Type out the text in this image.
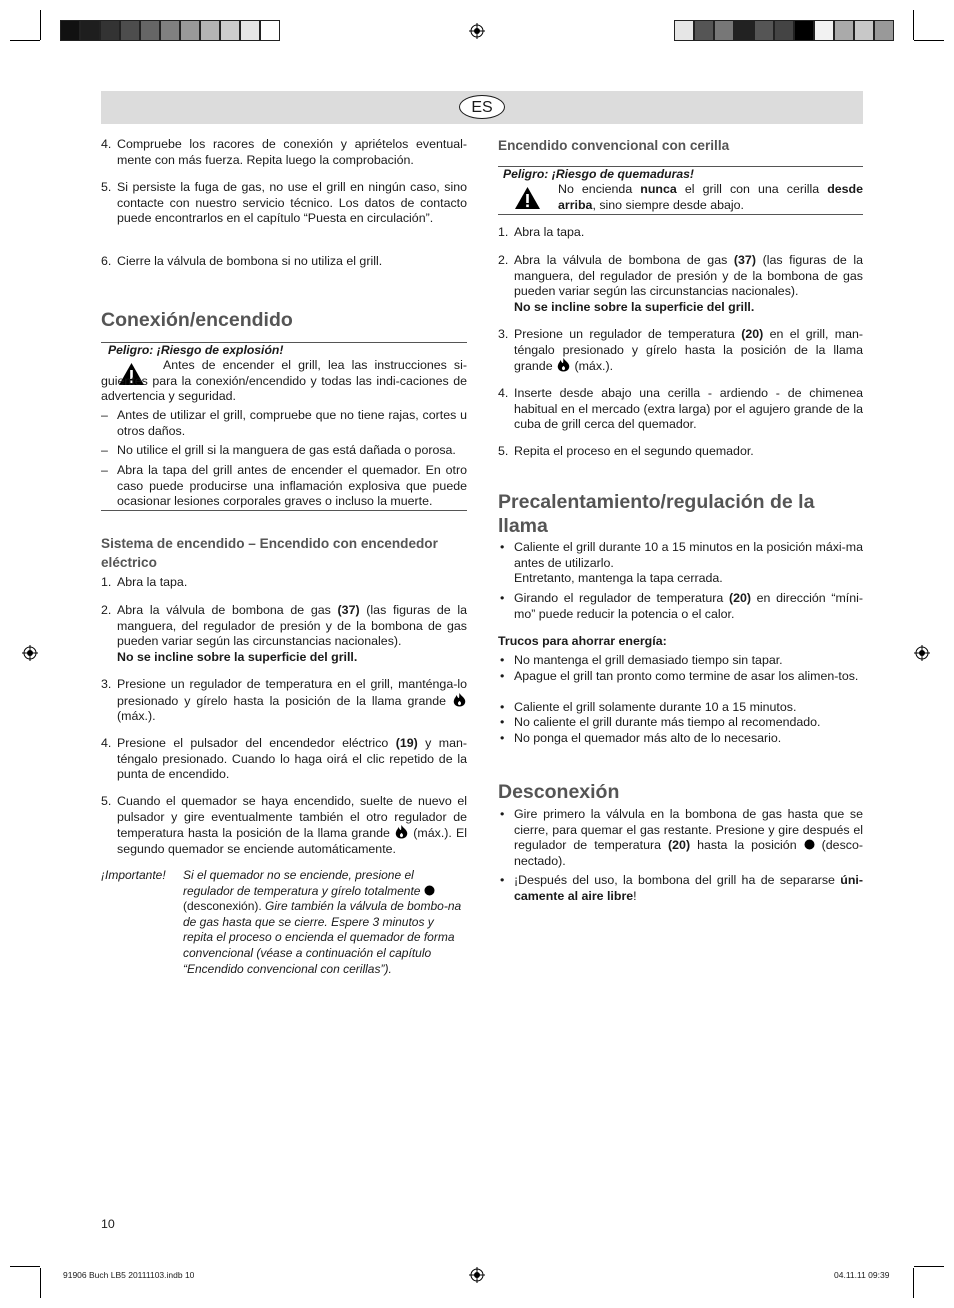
ES
4. Compruebe los racores de conexión y apriételos eventual-mente con más fuerza. Repita luego la comprobación.
5. Si persiste la fuga de gas, no use el grill en ningún caso, sino contacte con nuestro servicio técnico. Los datos de contacto puede encontrarlos en el capítulo “Puesta en circulación”.
6. Cierre la válvula de bombona si no utiliza el grill.
Conexión/encendido
Peligro: ¡Riesgo de explosión!
Antes de encender el grill, lea las instrucciones si-guientes para la conexión/encendido y todas las indi-caciones de advertencia y seguridad.
– Antes de utilizar el grill, compruebe que no tiene rajas, cortes u otros daños.
– No utilice el grill si la manguera de gas está dañada o porosa.
– Abra la tapa del grill antes de encender el quemador. En otro caso puede producirse una inflamación explosiva que puede ocasionar lesiones corporales graves o incluso la muerte.
Sistema de encendido – Encendido con encendedor eléctrico
1. Abra la tapa.
2. Abra la válvula de bombona de gas (37) (las figuras de la manguera, del regulador de presión y de la bombona de gas pueden variar según las circunstancias nacionales).
No se incline sobre la superficie del grill.
3. Presione un regulador de temperatura en el grill, manténga-lo presionado y gírelo hasta la posición de la llama grande  (máx.).
4. Presione el pulsador del encendedor eléctrico (19) y man-téngalo presionado. Cuando lo haga oirá el clic repetido de la punta de encendido.
5. Cuando el quemador se haya encendido, suelte de nuevo el pulsador y gire eventualmente también el otro regulador de temperatura hasta la posición de la llama grande  (máx.). El segundo quemador se enciende automáticamente.
¡Importante! Si el quemador no se enciende, presione el regulador de temperatura y gírelo totalmente  (desconexión). Gire también la válvula de bombo-na de gas hasta que se cierre. Espere 3 minutos y repita el proceso o encienda el quemador de forma convencional (véase a continuación el capítulo “Encendido convencional con cerillas”).
Encendido convencional con cerilla
Peligro: ¡Riesgo de quemaduras!
No encienda nunca el grill con una cerilla desde arriba, sino siempre desde abajo.
1. Abra la tapa.
2. Abra la válvula de bombona de gas (37) (las figuras de la manguera, del regulador de presión y de la bombona de gas pueden variar según las circunstancias nacionales).
No se incline sobre la superficie del grill.
3. Presione un regulador de temperatura (20) en el grill, man-téngalo presionado y gírelo hasta la posición de la llama grande  (máx.).
4. Inserte desde abajo una cerilla - ardiendo - de chimenea habitual en el mercado (extra larga) por el agujero grande de la cuba de grill cerca del quemador.
5. Repita el proceso en el segundo quemador.
Precalentamiento/regulación de la llama
• Caliente el grill durante 10 a 15 minutos en la posición máxi-ma antes de utilizarlo.
Entretanto, mantenga la tapa cerrada.
• Girando el regulador de temperatura (20) en dirección “míni-mo” puede reducir la potencia o el calor.
Trucos para ahorrar energía:
• No mantenga el grill demasiado tiempo sin tapar.
• Apague el grill tan pronto como termine de asar los alimen-tos.
• Caliente el grill solamente durante 10 a 15 minutos.
• No caliente el grill durante más tiempo al recomendado.
• No ponga el quemador más alto de lo necesario.
Desconexión
• Gire primero la válvula en la bombona de gas hasta que se cierre, para quemar el gas restante. Presione y gire después el regulador de temperatura (20) hasta la posición  (desco-nectado).
• ¡Después del uso, la bombona del grill ha de separarse úni-camente al aire libre!
10
91906 Buch LB5 20111103.indb 10	04.11.11 09:39
